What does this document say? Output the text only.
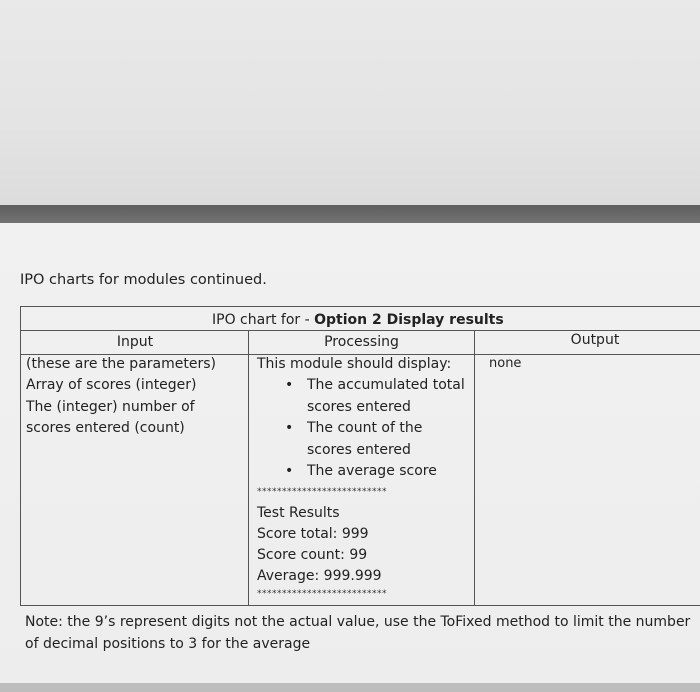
IPO charts for modules continued.
IPO chart for - Option 2 Display results
Input	Processing	Output
(these are the parameters)
Array of scores (integer)
The (integer) number of
scores entered (count)
This module should display:
• The accumulated total
scores entered
• The count of the
scores entered
• The average score
**************************
Test Results
Score total: 999
Score count: 99
Average: 999.999
**************************
none
Note: the 9’s represent digits not the actual value, use the ToFixed method to limit the number of decimal positions to 3 for the average
